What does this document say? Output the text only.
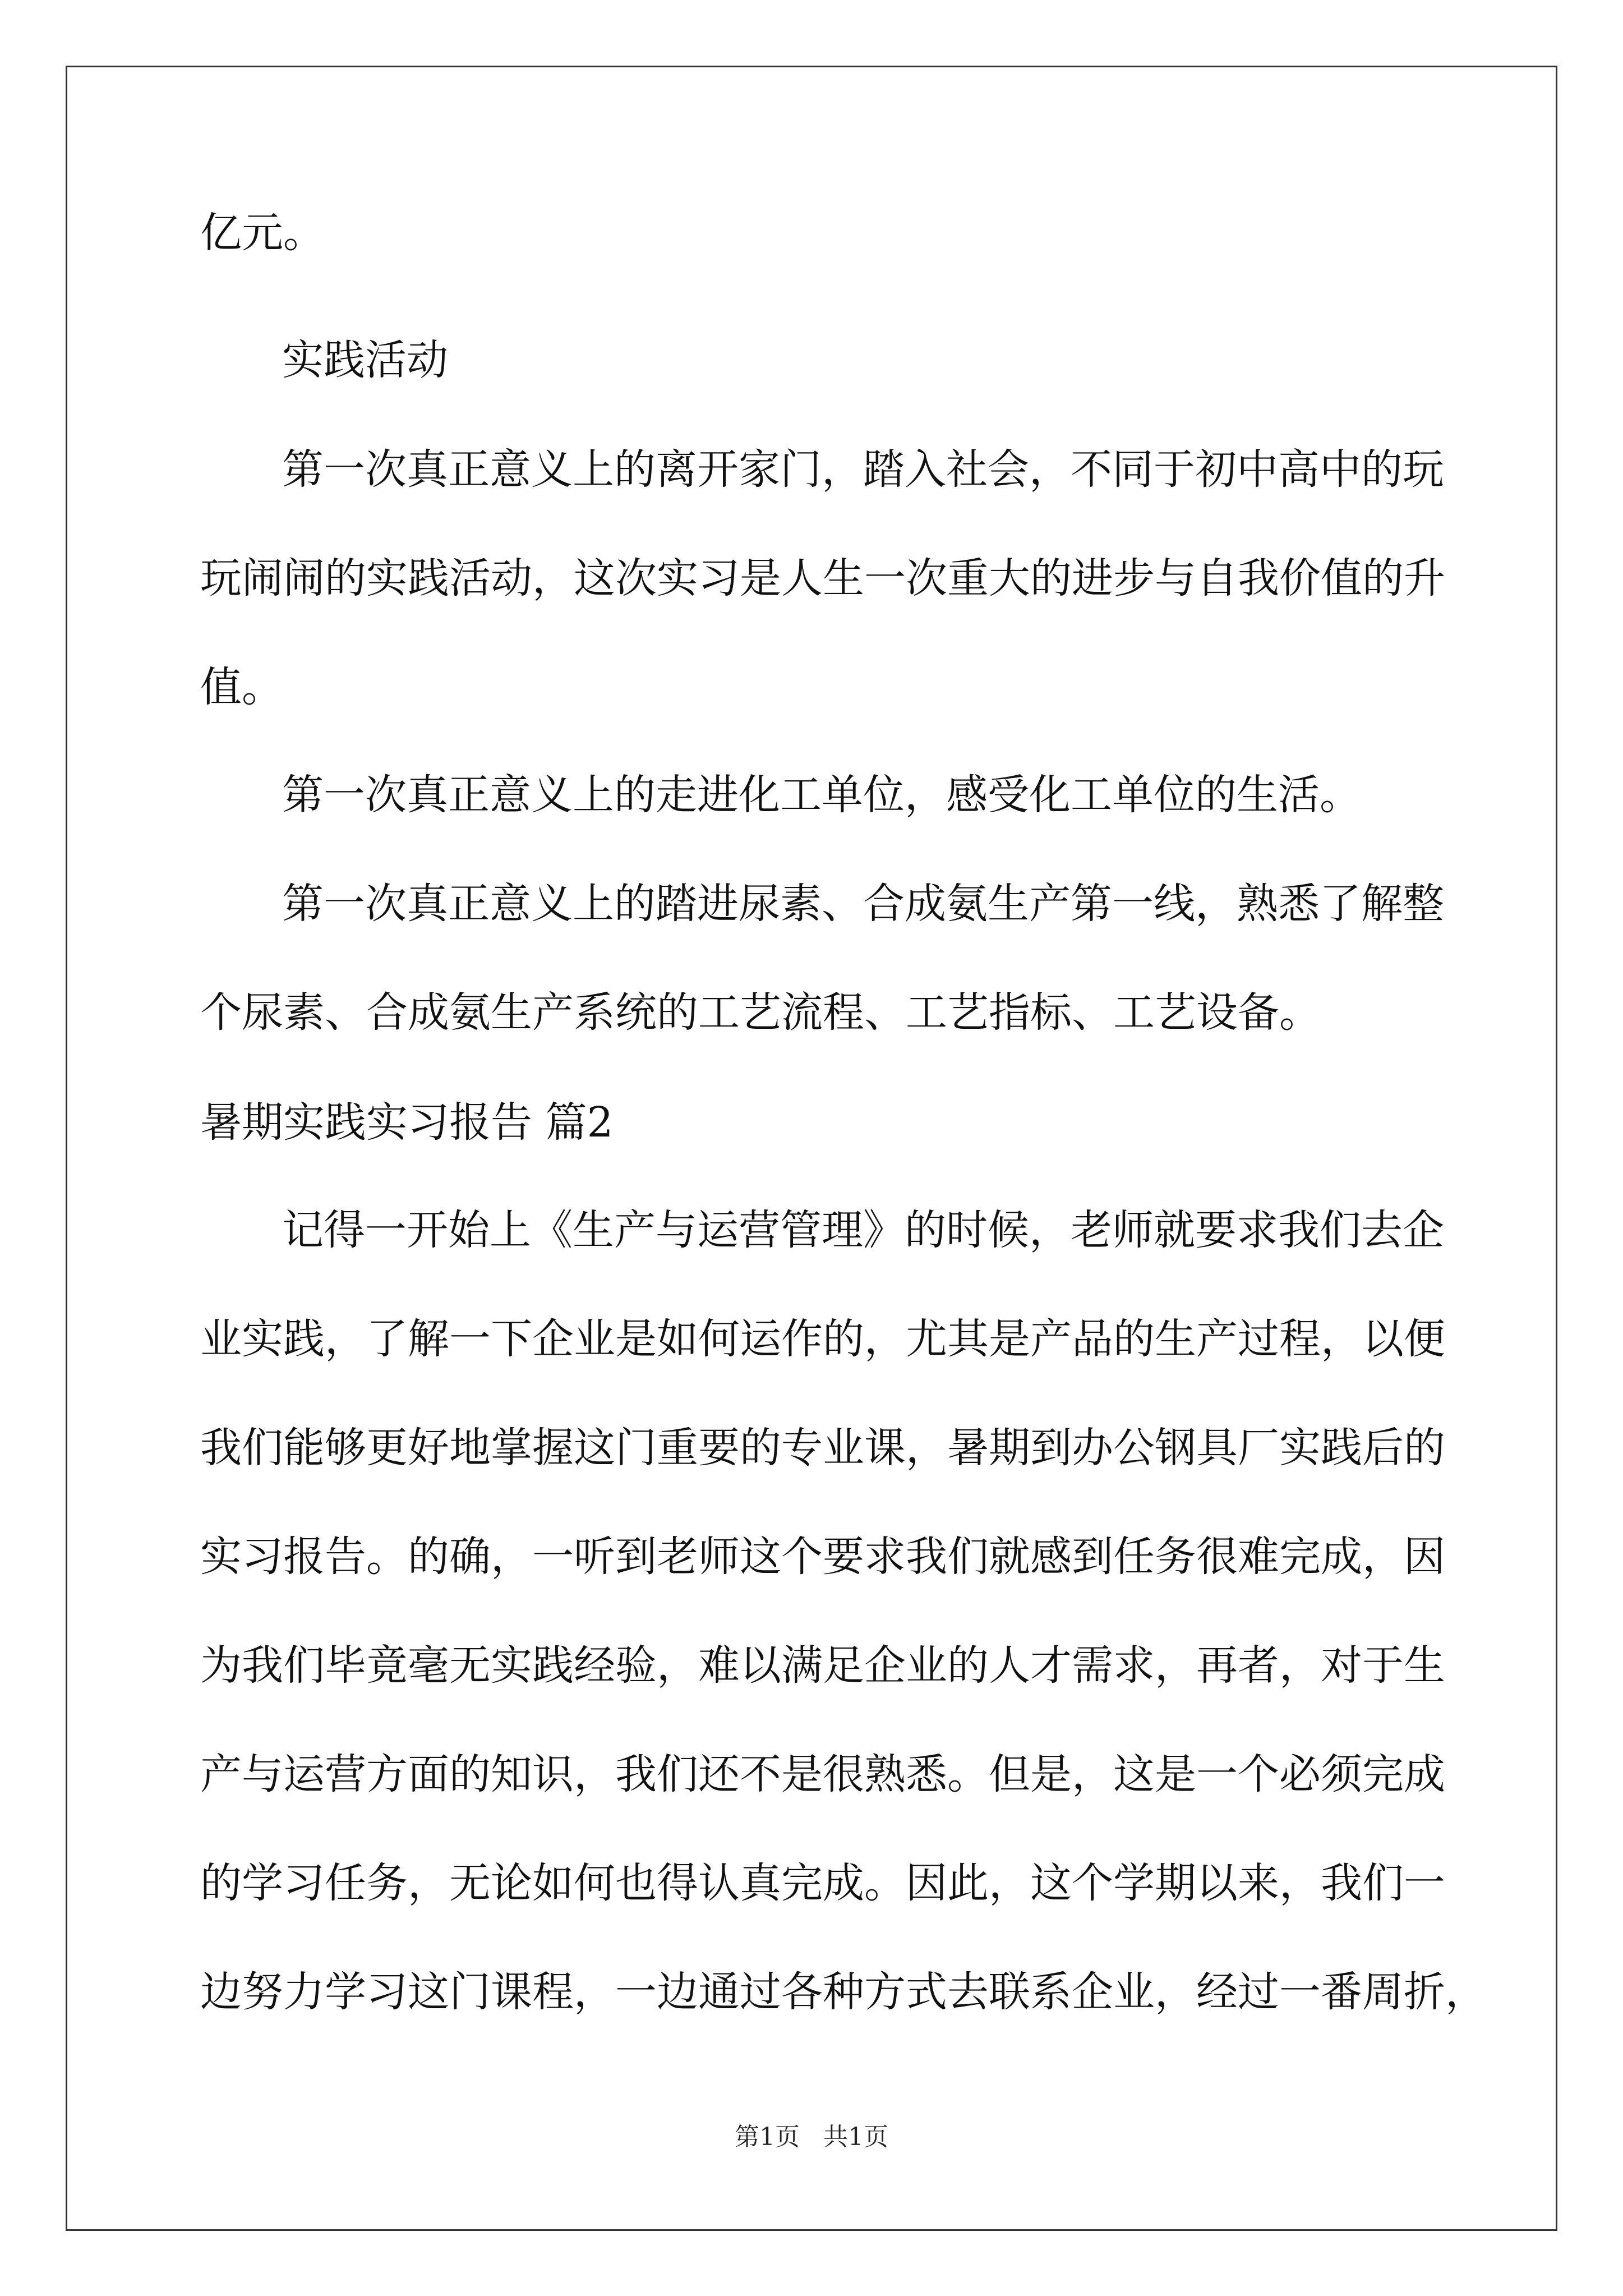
亿元。
实践活动
第一次真正意义上的离开家门，踏入社会，不同于初中高中的玩
玩闹闹的实践活动，这次实习是人生一次重大的进步与自我价值的升
值。
第一次真正意义上的走进化工单位，感受化工单位的生活。
第一次真正意义上的踏进尿素、合成氨生产第一线，熟悉了解整
个尿素、合成氨生产系统的工艺流程、工艺指标、工艺设备。
暑期实践实习报告 篇2
记得一开始上《生产与运营管理》的时候，老师就要求我们去企
业实践，了解一下企业是如何运作的，尤其是产品的生产过程，以便
我们能够更好地掌握这门重要的专业课，暑期到办公钢具厂实践后的
实习报告。的确，一听到老师这个要求我们就感到任务很难完成，因
为我们毕竟毫无实践经验，难以满足企业的人才需求，再者，对于生
产与运营方面的知识，我们还不是很熟悉。但是，这是一个必须完成
的学习任务，无论如何也得认真完成。因此，这个学期以来，我们一
边努力学习这门课程，一边通过各种方式去联系企业，经过一番周折，
第1页 共1页
